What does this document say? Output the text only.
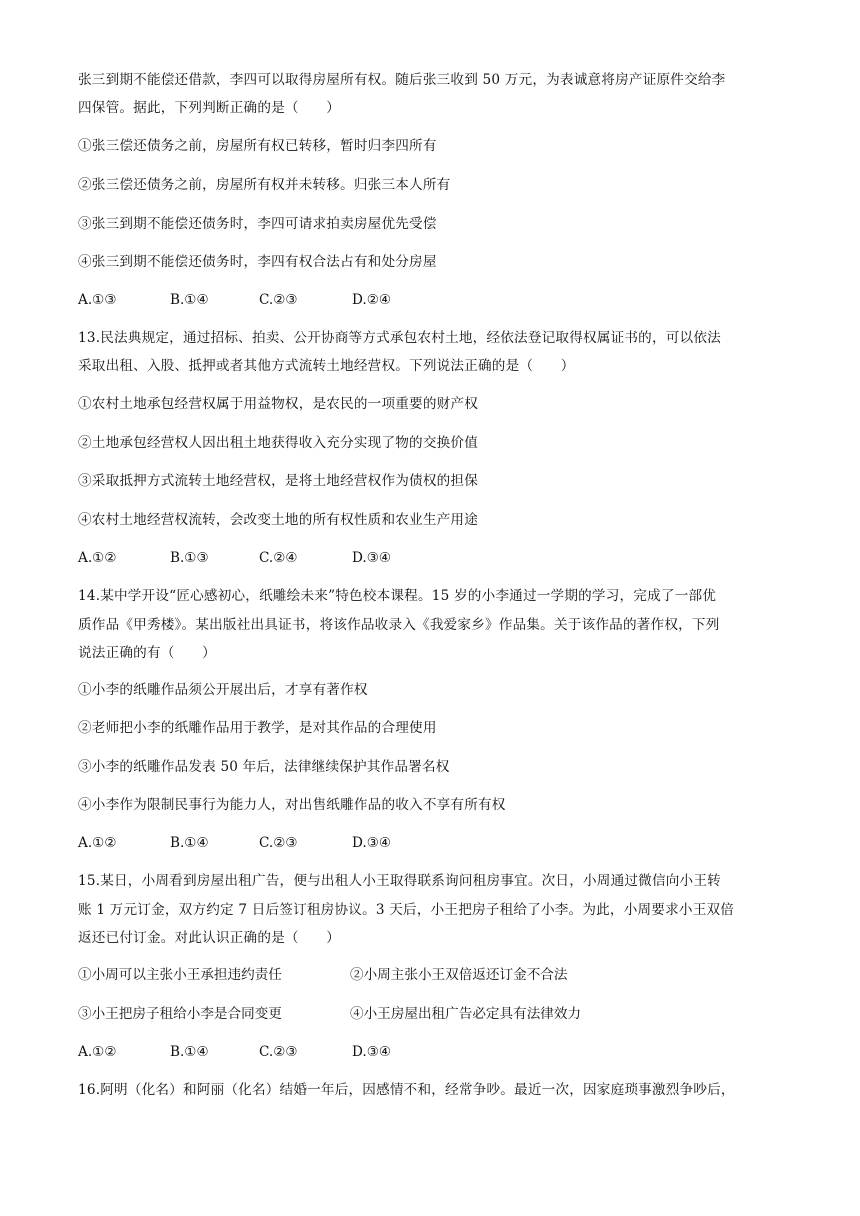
张三到期不能偿还借款，李四可以取得房屋所有权。随后张三收到 50 万元，为表诚意将房产证原件交给李
四保管。据此，下列判断正确的是（　　）
①张三偿还债务之前，房屋所有权已转移，暂时归李四所有
②张三偿还债务之前，房屋所有权并未转移。归张三本人所有
③张三到期不能偿还债务时，李四可请求拍卖房屋优先受偿
④张三到期不能偿还债务时，李四有权合法占有和处分房屋
A.①③	B.①④	C.②③	D.②④
13.民法典规定，通过招标、拍卖、公开协商等方式承包农村土地，经依法登记取得权属证书的，可以依法
采取出租、入股、抵押或者其他方式流转土地经营权。下列说法正确的是（　　）
①农村土地承包经营权属于用益物权，是农民的一项重要的财产权
②土地承包经营权人因出租土地获得收入充分实现了物的交换价值
③采取抵押方式流转土地经营权，是将土地经营权作为债权的担保
④农村土地经营权流转，会改变土地的所有权性质和农业生产用途
A.①②	B.①③	C.②④	D.③④
14.某中学开设“匠心感初心，纸雕绘未来”特色校本课程。15 岁的小李通过一学期的学习，完成了一部优
质作品《甲秀楼》。某出版社出具证书，将该作品收录入《我爱家乡》作品集。关于该作品的著作权，下列
说法正确的有（　　）
①小李的纸雕作品须公开展出后，才享有著作权
②老师把小李的纸雕作品用于教学，是对其作品的合理使用
③小李的纸雕作品发表 50 年后，法律继续保护其作品署名权
④小李作为限制民事行为能力人，对出售纸雕作品的收入不享有所有权
A.①②	B.①④	C.②③	D.③④
15.某日，小周看到房屋出租广告，便与出租人小王取得联系询问租房事宜。次日，小周通过微信向小王转
账 1 万元订金，双方约定 7 日后签订租房协议。3 天后，小王把房子租给了小李。为此，小周要求小王双倍
返还已付订金。对此认识正确的是（　　）
①小周可以主张小王承担违约责任	②小周主张小王双倍返还订金不合法
③小王把房子租给小李是合同变更	④小王房屋出租广告必定具有法律效力
A.①②	B.①④	C.②③	D.③④
16.阿明（化名）和阿丽（化名）结婚一年后，因感情不和，经常争吵。最近一次，因家庭琐事激烈争吵后，
